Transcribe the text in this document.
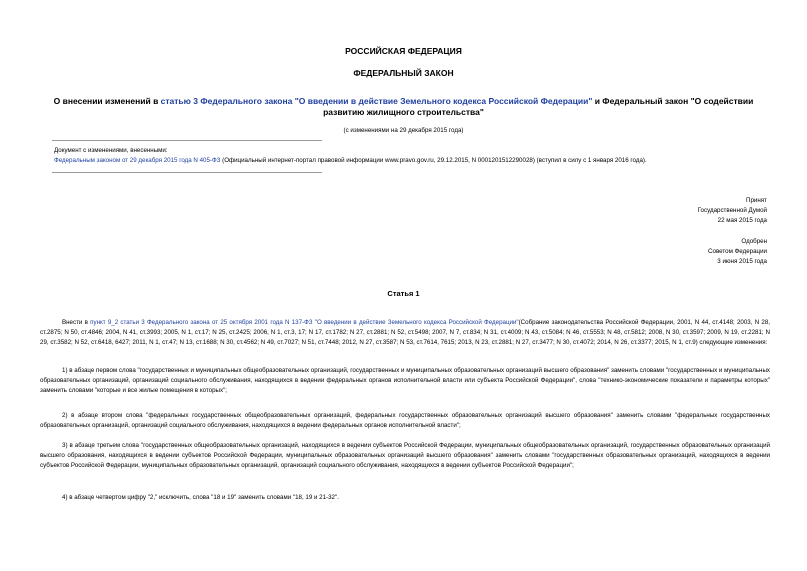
РОССИЙСКАЯ ФЕДЕРАЦИЯ
ФЕДЕРАЛЬНЫЙ ЗАКОН
О внесении изменений в статью 3 Федерального закона "О введении в действие Земельного кодекса Российской Федерации" и Федеральный закон "О содействии развитию жилищного строительства"
(с изменениями на 29 декабря 2015 года)
Документ с изменениями, внесенными:
Федеральным законом от 29 декабря 2015 года N 405-ФЗ (Официальный интернет-портал правовой информации www.pravo.gov.ru, 29.12.2015, N 0001201512290028) (вступил в силу с 1 января 2016 года).
Принят
Государственной Думой
22 мая 2015 года
Одобрен
Советом Федерации
3 июня 2015 года
Статья 1
Внести в пункт 9_2 статьи 3 Федерального закона от 25 октября 2001 года N 137-ФЗ "О введении в действие Земельного кодекса Российской Федерации"(Собрание законодательства Российской Федерации, 2001, N 44, ст.4148; 2003, N 28, ст.2875; N 50, ст.4846; 2004, N 41, ст.3993; 2005, N 1, ст.17; N 25, ст.2425; 2006, N 1, ст.3, 17; N 17, ст.1782; N 27, ст.2881; N 52, ст.5498; 2007, N 7, ст.834; N 31, ст.4009; N 43, ст.5084; N 46, ст.5553; N 48, ст.5812; 2008, N 30, ст.3597; 2009, N 19, ст.2281; N 29, ст.3582; N 52, ст.6418, 6427; 2011, N 1, ст.47; N 13, ст.1688; N 30, ст.4562; N 49, ст.7027; N 51, ст.7448; 2012, N 27, ст.3587; N 53, ст.7614, 7615; 2013, N 23, ст.2881; N 27, ст.3477; N 30, ст.4072; 2014, N 26, ст.3377; 2015, N 1, ст.9) следующие изменения:
1) в абзаце первом слова "государственных и муниципальных общеобразовательных организаций, государственных и муниципальных образовательных организаций высшего образования" заменить словами "государственных и муниципальных образовательных организаций, организаций социального обслуживания, находящихся в ведении федеральных органов исполнительной власти или субъекта Российской Федерации", слова "технико-экономические показатели и параметры которых" заменить словами "которые и все жилые помещения в которых";
2) в абзаце втором слова "федеральных государственных общеобразовательных организаций, федеральных государственных образовательных организаций высшего образования" заменить словами "федеральных государственных образовательных организаций, организаций социального обслуживания, находящихся в ведении федеральных органов исполнительной власти";
3) в абзаце третьем слова "государственных общеобразовательных организаций, находящихся в ведении субъектов Российской Федерации, муниципальных общеобразовательных организаций, государственных образовательных организаций высшего образования, находящихся в ведении субъектов Российской Федерации, муниципальных образовательных организаций высшего образования" заменить словами "государственных образовательных организаций, находящихся в ведении субъектов Российской Федерации, муниципальных образовательных организаций, организаций социального обслуживания, находящихся в ведении субъектов Российской Федерации";
4) в абзаце четвертом цифру "2," исключить, слова "18 и 19" заменить словами "18, 19 и 21-32".
